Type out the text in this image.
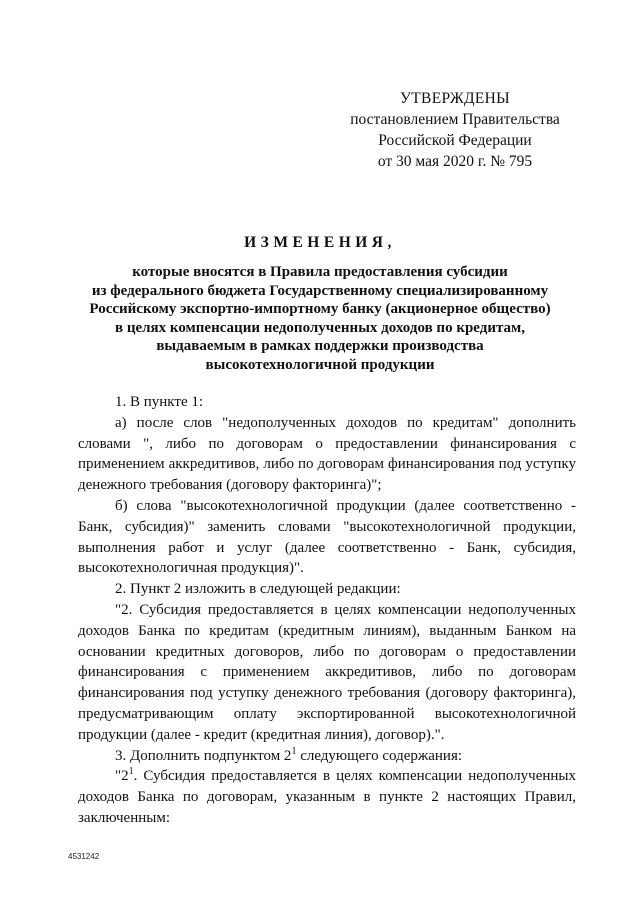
УТВЕРЖДЕНЫ
постановлением Правительства
Российской Федерации
от 30 мая 2020 г. № 795
ИЗМЕНЕНИЯ,
которые вносятся в Правила предоставления субсидии
из федерального бюджета Государственному специализированному
Российскому экспортно-импортному банку (акционерное общество)
в целях компенсации недополученных доходов по кредитам,
выдаваемым в рамках поддержки производства
высокотехнологичной продукции

1. В пункте 1:

а) после слов "недополученных доходов по кредитам" дополнить словами ", либо по договорам о предоставлении финансирования с применением аккредитивов, либо по договорам финансирования под уступку денежного требования (договору факторинга)";

б) слова "высокотехнологичной продукции (далее соответственно - Банк, субсидия)" заменить словами "высокотехнологичной продукции, выполнения работ и услуг (далее соответственно - Банк, субсидия, высокотехнологичная продукция)".

2. Пункт 2 изложить в следующей редакции:

"2. Субсидия предоставляется в целях компенсации недополученных доходов Банка по кредитам (кредитным линиям), выданным Банком на основании кредитных договоров, либо по договорам о предоставлении финансирования с применением аккредитивов, либо по договорам финансирования под уступку денежного требования (договору факторинга), предусматривающим оплату экспортированной высокотехнологичной продукции (далее - кредит (кредитная линия), договор).".

3. Дополнить подпунктом $2^1$ следующего содержания:

"$2^1$. Субсидия предоставляется в целях компенсации недополученных доходов Банка по договорам, указанным в пункте 2 настоящих Правил, заключенным:

4531242
